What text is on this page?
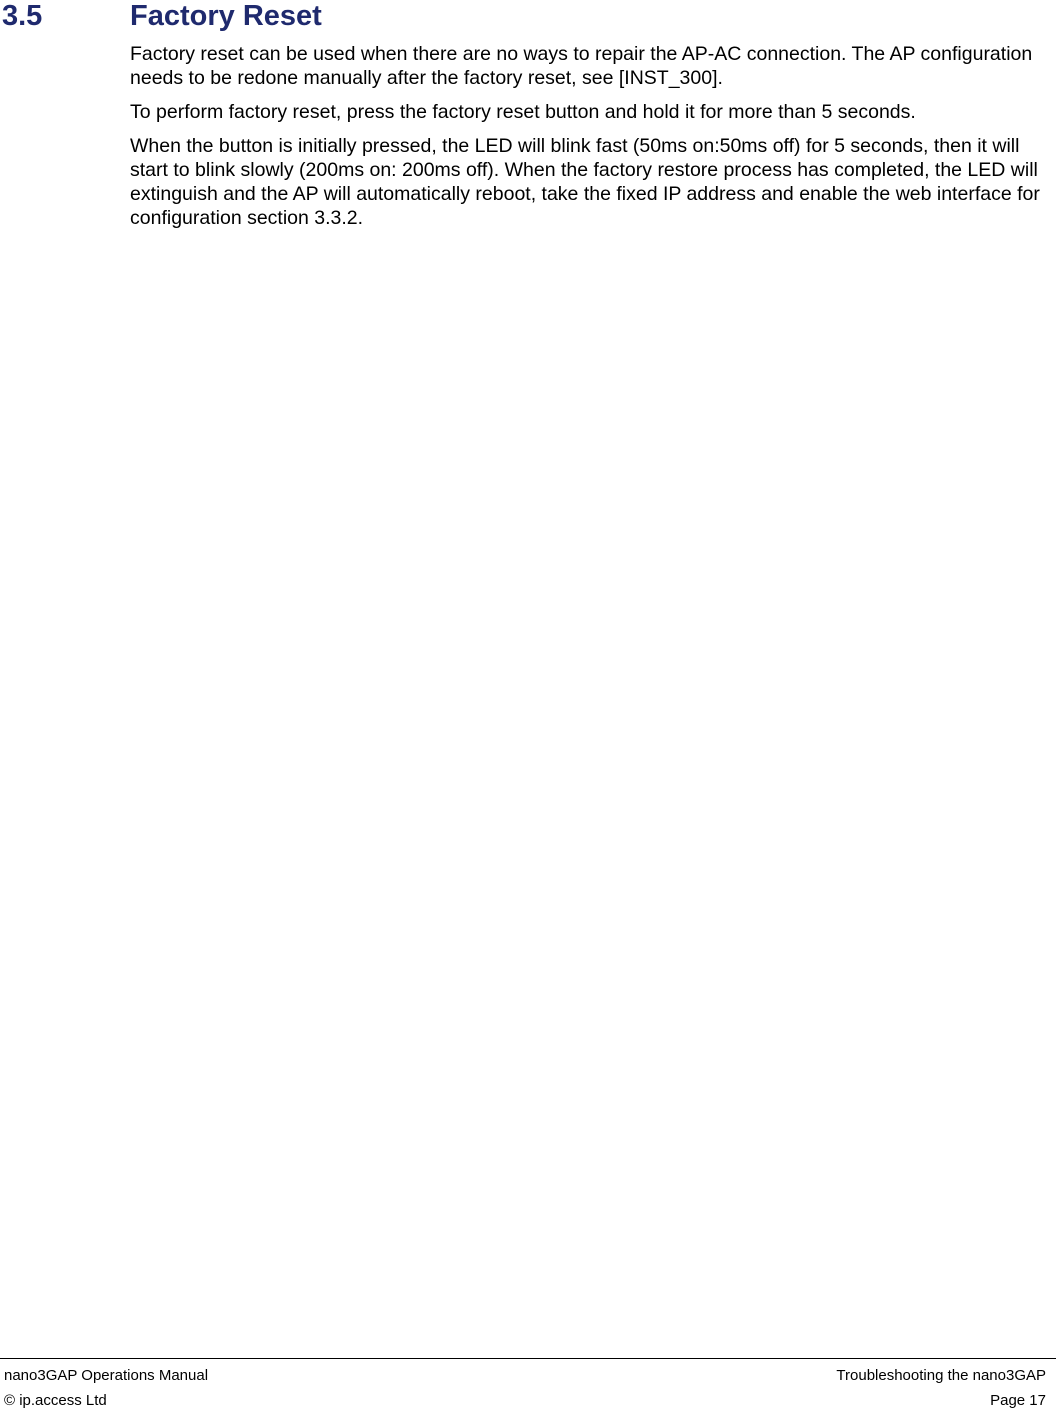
3.5	Factory Reset

Factory reset can be used when there are no ways to repair the AP-AC connection. The AP configuration needs to be redone manually after the factory reset, see [INST_300].

To perform factory reset, press the factory reset button and hold it for more than 5 seconds.

When the button is initially pressed, the LED will blink fast (50ms on:50ms off) for 5 seconds, then it will start to blink slowly (200ms on: 200ms off). When the factory restore process has completed, the LED will extinguish and the AP will automatically reboot, take the fixed IP address and enable the web interface for configuration section 3.3.2.

nano3GAP Operations Manual	Troubleshooting the nano3GAP
© ip.access Ltd	Page 17
